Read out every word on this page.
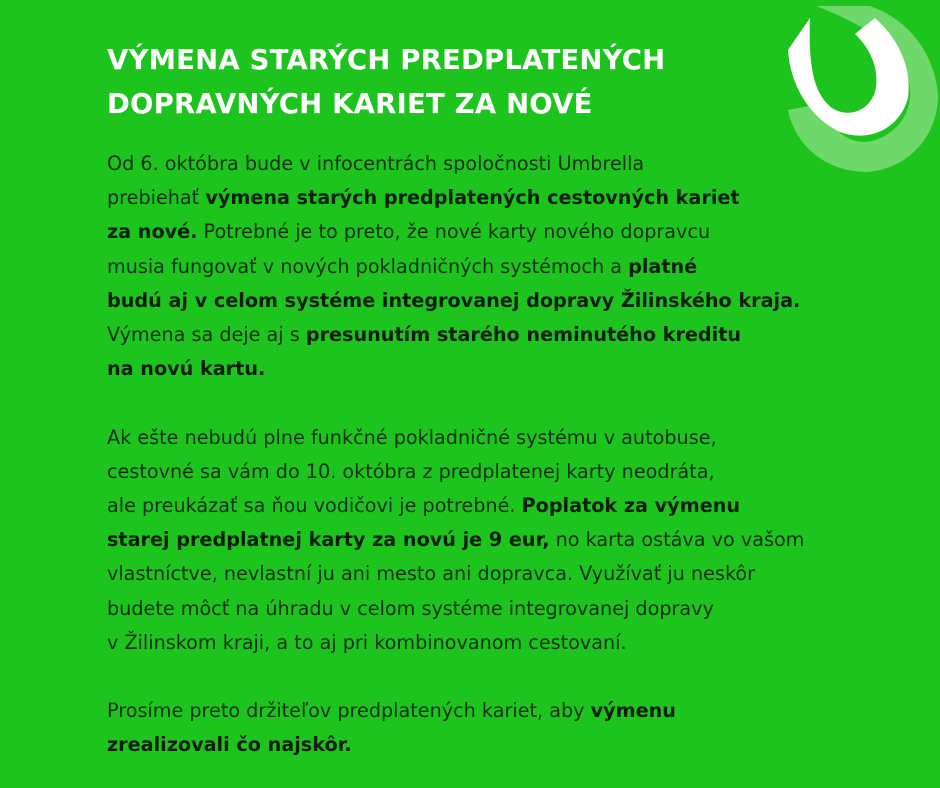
VÝMENA STARÝCH PREDPLATENÝCH
DOPRAVNÝCH KARIET ZA NOVÉ

Od 6. októbra bude v infocentrách spoločnosti Umbrella
prebiehať výmena starých predplatených cestovných kariet
za nové. Potrebné je to preto, že nové karty nového dopravcu
musia fungovať v nových pokladničných systémoch a platné
budú aj v celom systéme integrovanej dopravy Žilinského kraja.
Výmena sa deje aj s presunutím starého neminutého kreditu
na novú kartu.

Ak ešte nebudú plne funkčné pokladničné systému v autobuse,
cestovné sa vám do 10. októbra z predplatenej karty neodráta,
ale preukázať sa ňou vodičovi je potrebné. Poplatok za výmenu
starej predplatnej karty za novú je 9 eur, no karta ostáva vo vašom
vlastníctve, nevlastní ju ani mesto ani dopravca. Využívať ju neskôr
budete môcť na úhradu v celom systéme integrovanej dopravy
v Žilinskom kraji, a to aj pri kombinovanom cestovaní.

Prosíme preto držiteľov predplatených kariet, aby výmenu
zrealizovali čo najskôr.
